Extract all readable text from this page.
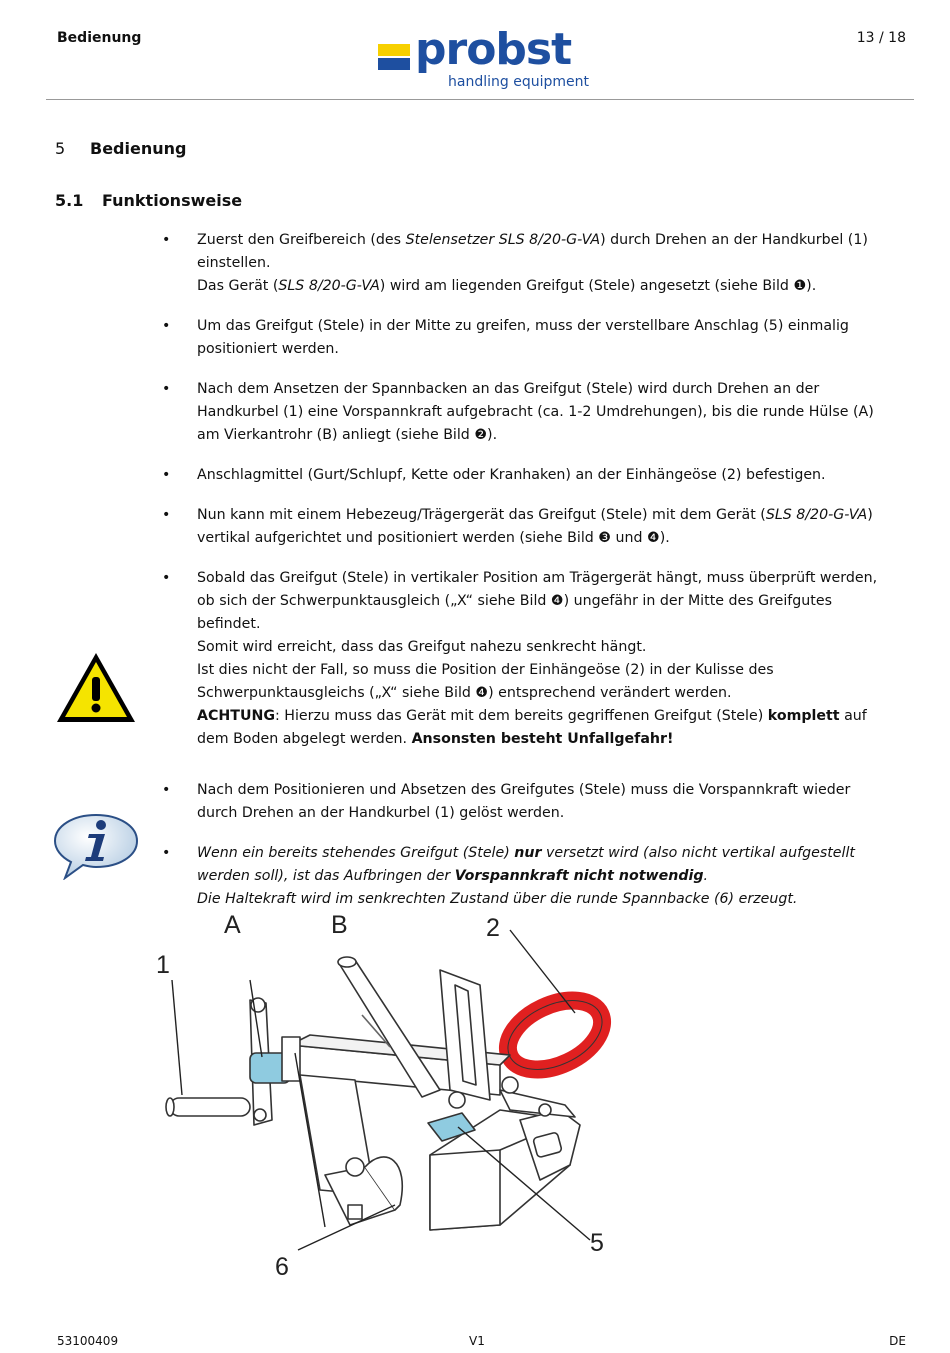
Bedienung	13 / 18
probst
handling equipment
5 Bedienung
5.1 Funktionsweise
• Zuerst den Greifbereich (des Stelensetzer SLS 8/20-G-VA) durch Drehen an der Handkurbel (1) einstellen.

Das Gerät (SLS 8/20-G-VA) wird am liegenden Greifgut (Stele) angesetzt (siehe Bild ❶).

• Um das Greifgut (Stele) in der Mitte zu greifen, muss der verstellbare Anschlag (5) einmalig positioniert werden.

• Nach dem Ansetzen der Spannbacken an das Greifgut (Stele) wird durch Drehen an der Handkurbel (1) eine Vorspannkraft aufgebracht (ca. 1-2 Umdrehungen), bis die runde Hülse (A) am Vierkantrohr (B) anliegt (siehe Bild ❷).

• Anschlagmittel (Gurt/Schlupf, Kette oder Kranhaken) an der Einhängeöse (2) befestigen.

• Nun kann mit einem Hebezeug/Trägergerät das Greifgut (Stele) mit dem Gerät (SLS 8/20-G-VA) vertikal aufgerichtet und positioniert werden (siehe Bild ❸ und ❹).

• Sobald das Greifgut (Stele) in vertikaler Position am Trägergerät hängt, muss überprüft werden, ob sich der Schwerpunktausgleich („X“ siehe Bild ❹) ungefähr in der Mitte des Greifgutes befindet.

Somit wird erreicht, dass das Greifgut nahezu senkrecht hängt.

Ist dies nicht der Fall, so muss die Position der Einhängeöse (2) in der Kulisse des Schwerpunktausgleichs („X“ siehe Bild ❹) entsprechend verändert werden.

ACHTUNG: Hierzu muss das Gerät mit dem bereits gegriffenen Greifgut (Stele) komplett auf dem Boden abgelegt werden. Ansonsten besteht Unfallgefahr!

• Nach dem Positionieren und Absetzen des Greifgutes (Stele) muss die Vorspannkraft wieder durch Drehen an der Handkurbel (1) gelöst werden.

• Wenn ein bereits stehendes Greifgut (Stele) nur versetzt wird (also nicht vertikal aufgestellt werden soll), ist das Aufbringen der Vorspannkraft nicht notwendig.

Die Haltekraft wird im senkrechten Zustand über die runde Spannbacke (6) erzeugt.

A	B
1
2
5
6
53100409	V1	DE
